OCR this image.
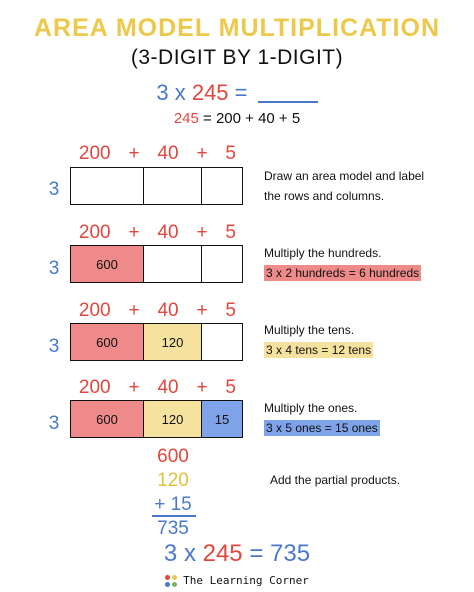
AREA MODEL MULTIPLICATION
(3-DIGIT BY 1-DIGIT)
3 x 245 =
245 = 200 + 40 + 5
200 + 40 + 5
3
Draw an area model and label the rows and columns.
200 + 40 + 5
3	600
Multiply the hundreds.
3 x 2 hundreds = 6 hundreds
200 + 40 + 5
3	600	120
Multiply the tens.
3 x 4 tens = 12 tens
200 + 40 + 5
3	600	120	15
Multiply the ones.
3 x 5 ones = 15 ones
600
120
+ 15
735
Add the partial products.
3 x 245 = 735
The Learning Corner
